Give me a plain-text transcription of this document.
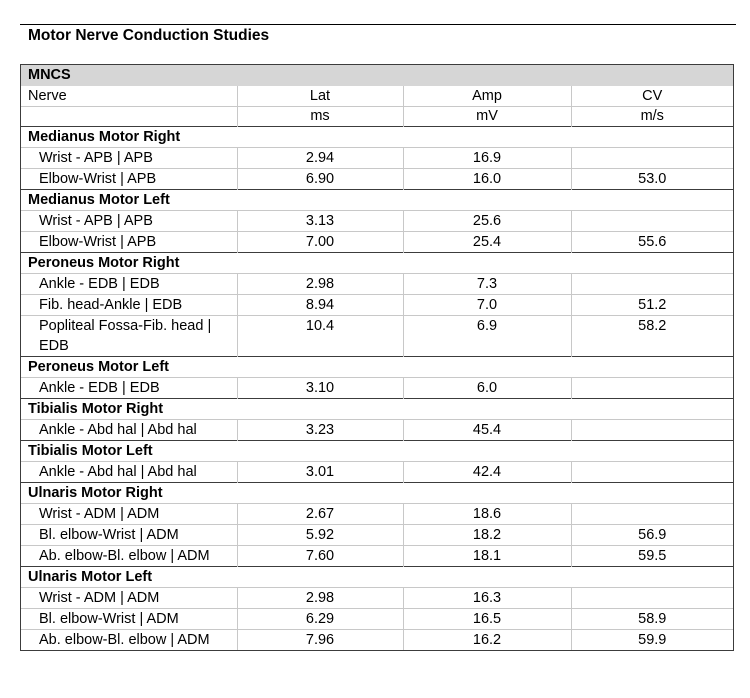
Motor Nerve Conduction Studies
MNCS			
Nerve	Lat	Amp	CV
	ms	mV	m/s
Medianus Motor Right			
Wrist - APB | APB	2.94	16.9	
Elbow-Wrist | APB	6.90	16.0	53.0
Medianus Motor Left			
Wrist - APB | APB	3.13	25.6	
Elbow-Wrist | APB	7.00	25.4	55.6
Peroneus Motor Right			
Ankle - EDB | EDB	2.98	7.3	
Fib. head-Ankle | EDB	8.94	7.0	51.2
Popliteal Fossa-Fib. head | EDB	10.4	6.9	58.2
Peroneus Motor Left			
Ankle - EDB | EDB	3.10	6.0	
Tibialis Motor Right			
Ankle - Abd hal | Abd hal	3.23	45.4	
Tibialis Motor Left			
Ankle - Abd hal | Abd hal	3.01	42.4	
Ulnaris Motor Right			
Wrist - ADM | ADM	2.67	18.6	
Bl. elbow-Wrist | ADM	5.92	18.2	56.9
Ab. elbow-Bl. elbow | ADM	7.60	18.1	59.5
Ulnaris Motor Left			
Wrist - ADM | ADM	2.98	16.3	
Bl. elbow-Wrist | ADM	6.29	16.5	58.9
Ab. elbow-Bl. elbow | ADM	7.96	16.2	59.9
